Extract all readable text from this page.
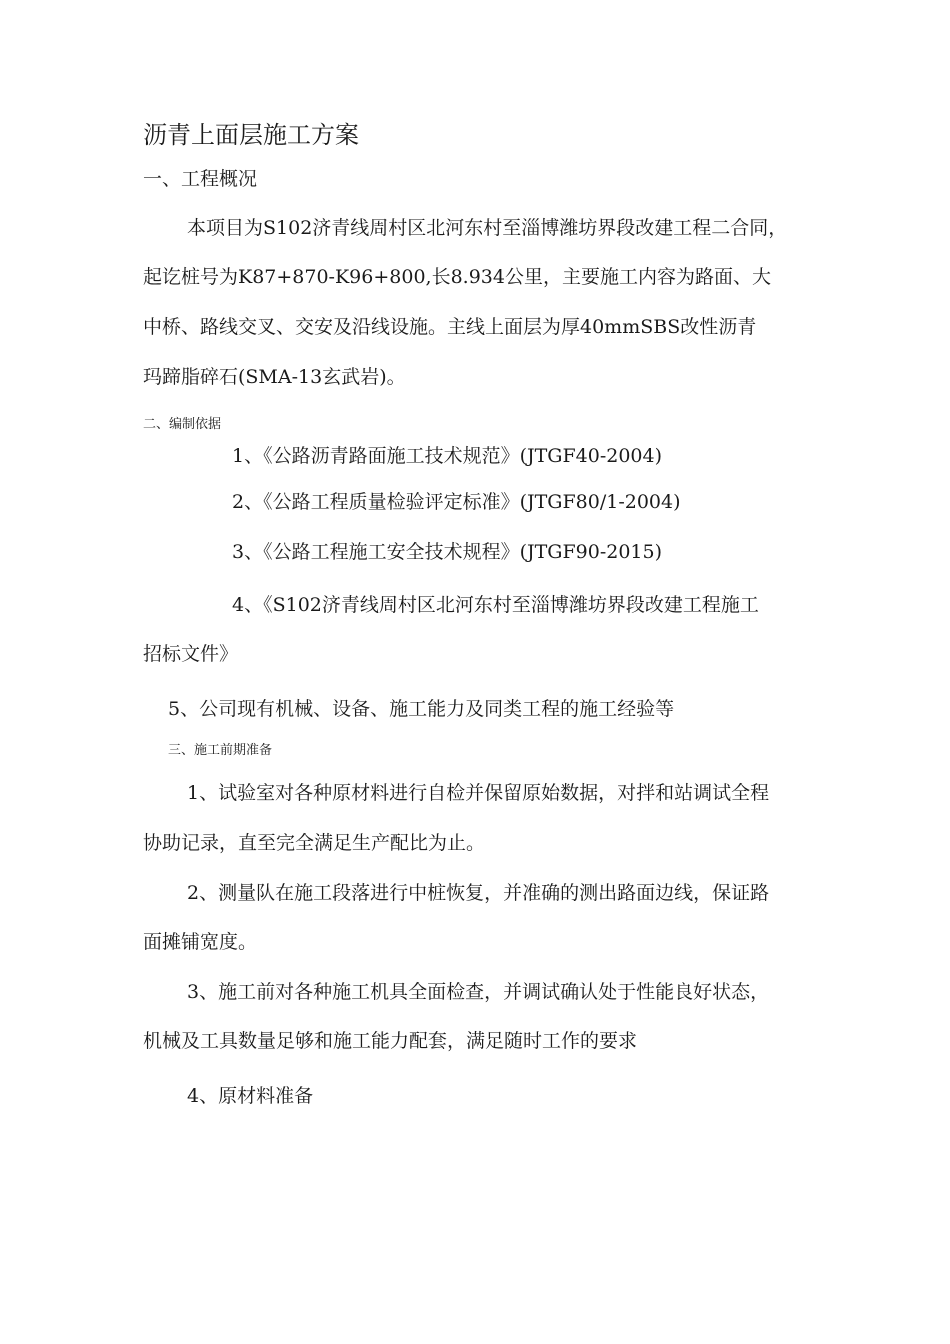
沥青上面层施工方案
一、工程概况
本项目为S102济青线周村区北河东村至淄博潍坊界段改建工程二合同，
起讫桩号为K87+870-K96+800,长8.934公里，主要施工内容为路面、大
中桥、路线交叉、交安及沿线设施。主线上面层为厚40mmSBS改性沥青
玛蹄脂碎石(SMA-13玄武岩)。
二、编制依据
1、《公路沥青路面施工技术规范》(JTGF40-2004)
2、《公路工程质量检验评定标准》(JTGF80/1-2004)
3、《公路工程施工安全技术规程》(JTGF90-2015)
4、《S102济青线周村区北河东村至淄博潍坊界段改建工程施工
招标文件》
5、公司现有机械、设备、施工能力及同类工程的施工经验等
三、施工前期准备
1、试验室对各种原材料进行自检并保留原始数据，对拌和站调试全程
协助记录，直至完全满足生产配比为止。
2、测量队在施工段落进行中桩恢复，并准确的测出路面边线，保证路
面摊铺宽度。
3、施工前对各种施工机具全面检查，并调试确认处于性能良好状态，
机械及工具数量足够和施工能力配套，满足随时工作的要求
4、原材料准备
